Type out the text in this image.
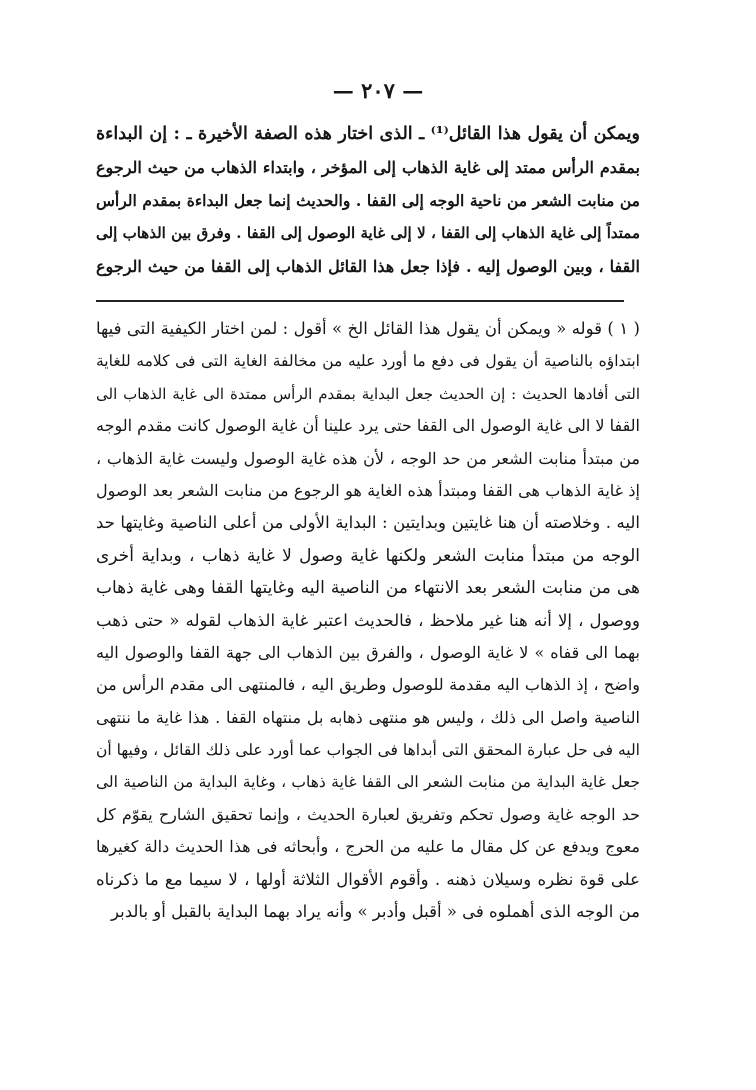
— ٢٠٧ —
ويمكن أن يقول هذا القائل⁽¹⁾ ـ الذى اختار هذه الصفة الأخيرة ـ : إن البداءة
بمقدم الرأس ممتد إلى غاية الذهاب إلى المؤخر ، وابتداء الذهاب من حيث الرجوع
من منابت الشعر من ناحية الوجه إلى القفا . والحديث إنما جعل البداءة بمقدم الرأس
ممتداً إلى غاية الذهاب إلى القفا ، لا إلى غاية الوصول إلى القفا . وفرق بين الذهاب إلى
القفا ، وبين الوصول إليه . فإذا جعل هذا القائل الذهاب إلى القفا من حيث الرجوع
( ١ ) قوله « ويمكن أن يقول هذا القائل الخ » أقول : لمن اختار الكيفية التى فيها
ابتداؤه بالناصية أن يقول فى دفع ما أورد عليه من مخالفة الغاية التى فى كلامه للغاية
التى أفادها الحديث : إن الحديث جعل البداية بمقدم الرأس ممتدة الى غاية الذهاب الى
القفا لا الى غاية الوصول الى القفا حتى يرد علينا أن غاية الوصول كانت مقدم الوجه
من مبتدأ منابت الشعر من حد الوجه ، لأن هذه غاية الوصول وليست غاية الذهاب ،
إذ غاية الذهاب هى القفا ومبتدأ هذه الغاية هو الرجوع من منابت الشعر بعد الوصول
اليه . وخلاصته أن هنا غايتين وبدايتين : البداية الأولى من أعلى الناصية وغايتها حد
الوجه من مبتدأ منابت الشعر ولكنها غاية وصول لا غاية ذهاب ، وبداية أخرى
هى من منابت الشعر بعد الانتهاء من الناصية اليه وغايتها القفا وهى غاية ذهاب
ووصول ، إلا أنه هنا غير ملاحظ ، فالحديث اعتبر غاية الذهاب لقوله « حتى ذهب
بهما الى قفاه » لا غاية الوصول ، والفرق بين الذهاب الى جهة القفا والوصول اليه
واضح ، إذ الذهاب اليه مقدمة للوصول وطريق اليه ، فالمنتهى الى مقدم الرأس من
الناصية واصل الى ذلك ، وليس هو منتهى ذهابه بل منتهاه القفا . هذا غاية ما ننتهى
اليه فى حل عبارة المحقق التى أبداها فى الجواب عما أورد على ذلك القائل ، وفيها أن
جعل غاية البداية من منابت الشعر الى القفا غاية ذهاب ، وغاية البداية من الناصية الى
حد الوجه غاية وصول تحكم وتفريق لعبارة الحديث ، وإنما تحقيق الشارح يقوّم كل
معوج ويدفع عن كل مقال ما عليه من الحرج ، وأبحاثه فى هذا الحديث دالة كغيرها
على قوة نظره وسيلان ذهنه . وأقوم الأقوال الثلاثة أولها ، لا سيما مع ما ذكرناه
من الوجه الذى أهملوه فى « أقبل وأدبر » وأنه يراد بهما البداية بالقبل أو بالدبر
